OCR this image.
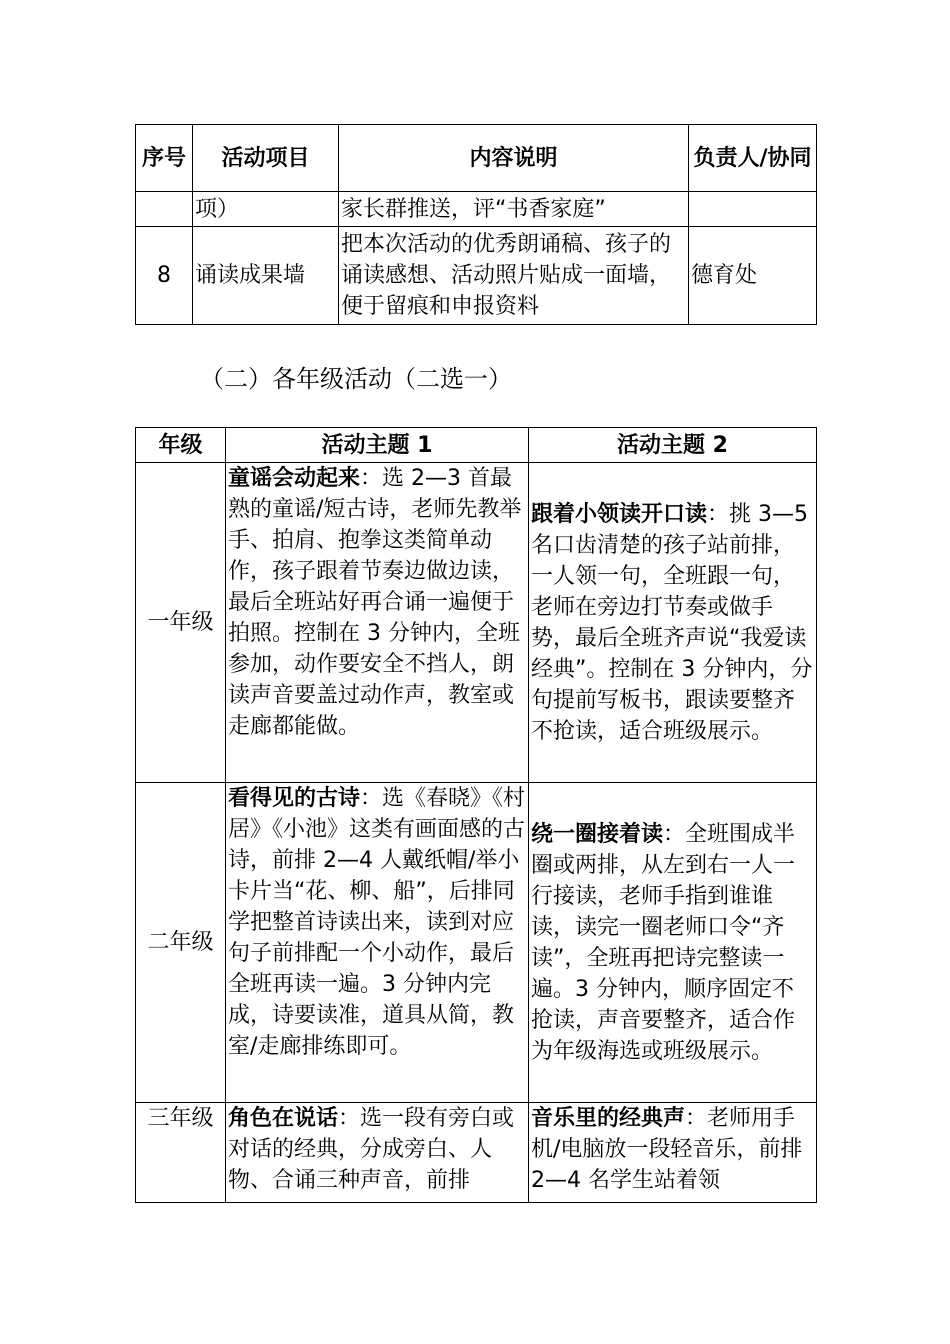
序号	活动项目	内容说明	负责人/协同
	项）	家长群推送，评“书香家庭”	
8	诵读成果墙	把本次活动的优秀朗诵稿、孩子的诵读感想、活动照片贴成一面墙，便于留痕和申报资料	德育处
（二）各年级活动（二选一）
年级	活动主题 1	活动主题 2
一年级	童谣会动起来：选 2—3 首最熟的童谣/短古诗，老师先教举手、拍肩、抱拳这类简单动作，孩子跟着节奏边做边读，最后全班站好再合诵一遍便于拍照。控制在 3 分钟内，全班参加，动作要安全不挡人，朗读声音要盖过动作声，教室或走廊都能做。	跟着小领读开口读：挑 3—5 名口齿清楚的孩子站前排，一人领一句，全班跟一句，老师在旁边打节奏或做手势，最后全班齐声说“我爱读经典”。控制在 3 分钟内，分句提前写板书，跟读要整齐不抢读，适合班级展示。
二年级	看得见的古诗：选《春晓》《村居》《小池》这类有画面感的古诗，前排 2—4 人戴纸帽/举小卡片当“花、柳、船”，后排同学把整首诗读出来，读到对应句子前排配一个小动作，最后全班再读一遍。3 分钟内完成，诗要读准，道具从简，教室/走廊排练即可。	绕一圈接着读：全班围成半圈或两排，从左到右一人一行接读，老师手指到谁谁读，读完一圈老师口令“齐读”，全班再把诗完整读一遍。3 分钟内，顺序固定不抢读，声音要整齐，适合作为年级海选或班级展示。
三年级	角色在说话：选一段有旁白或对话的经典，分成旁白、人物、合诵三种声音，前排	音乐里的经典声：老师用手机/电脑放一段轻音乐，前排 2—4 名学生站着领
